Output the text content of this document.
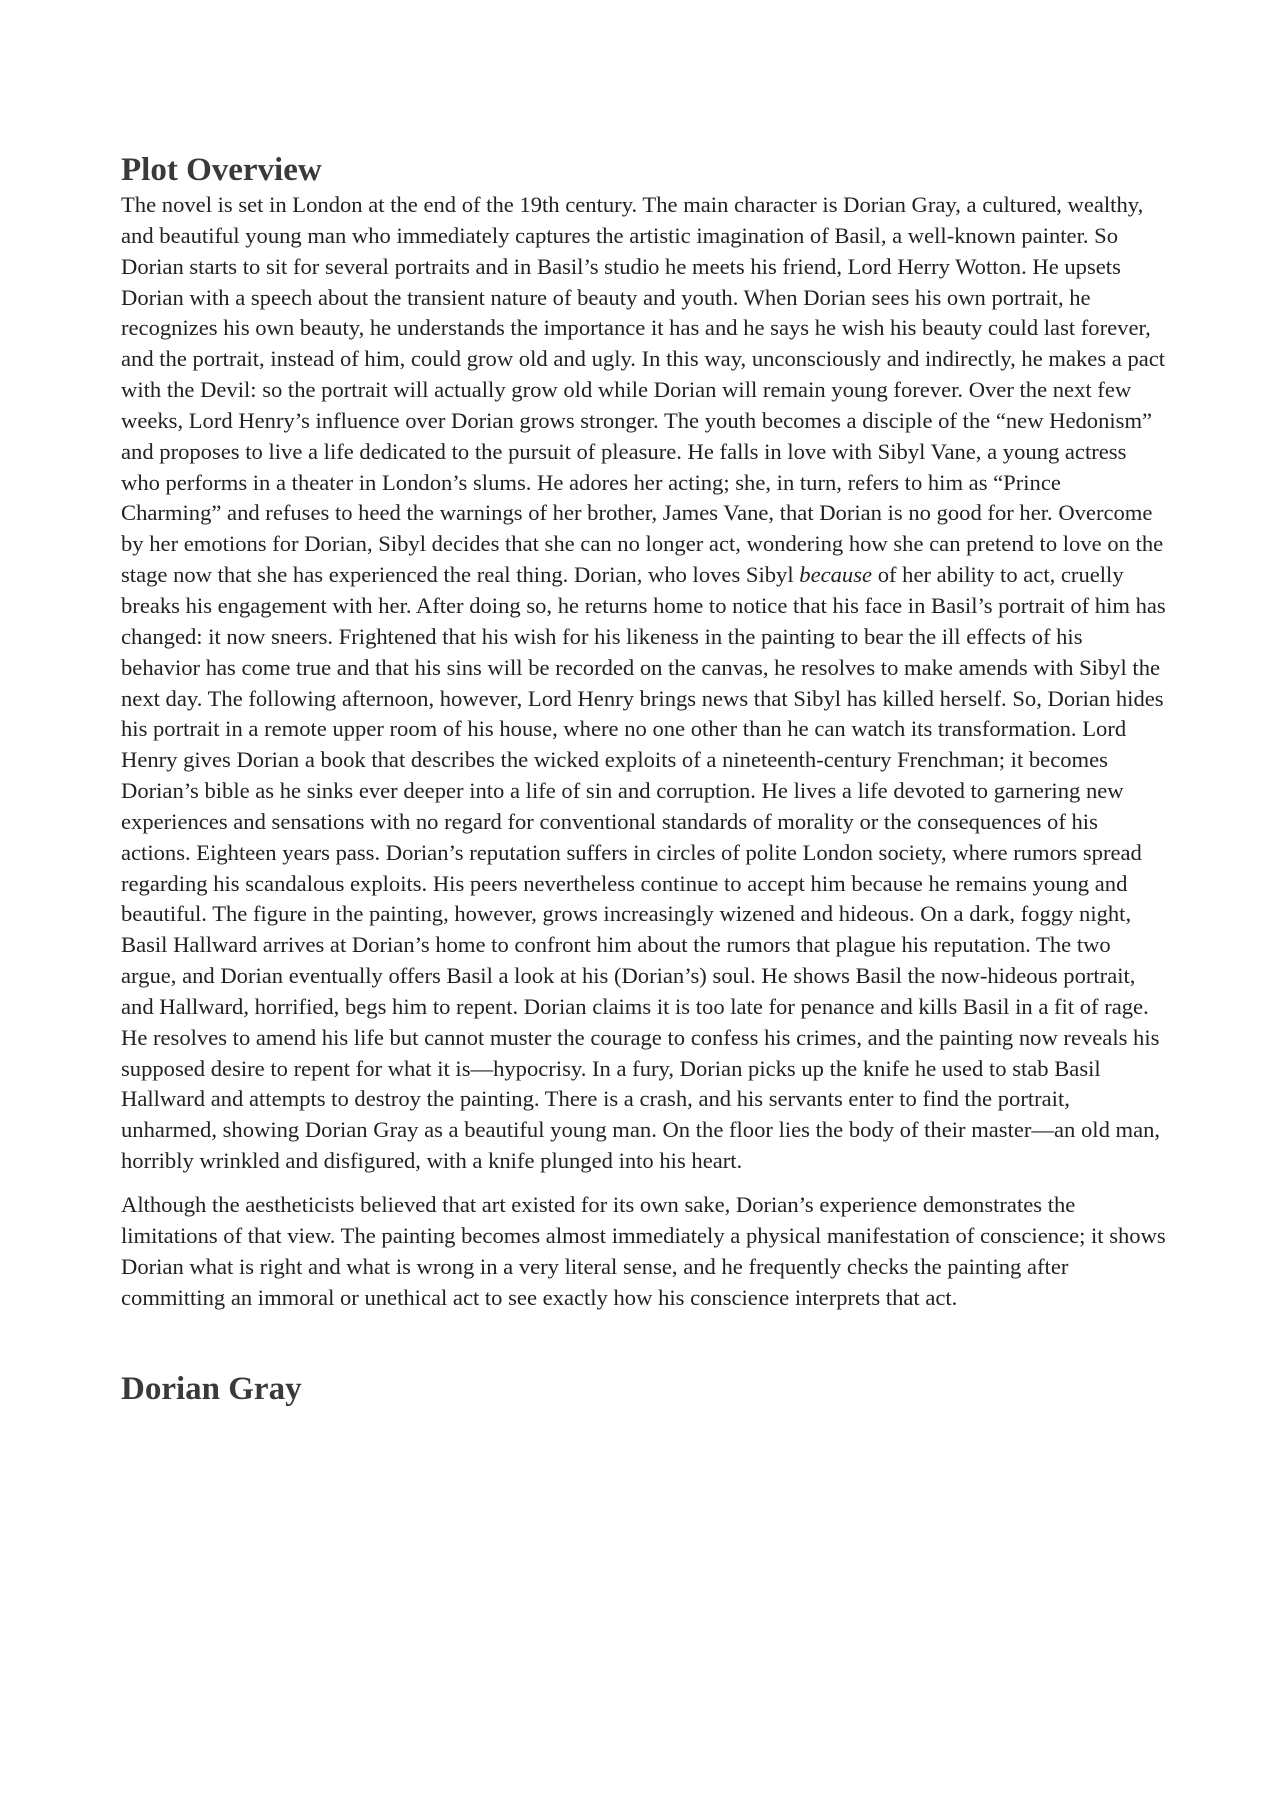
Plot Overview

The novel is set in London at the end of the 19th century. The main character is Dorian Gray, a cultured, wealthy, and beautiful young man who immediately captures the artistic imagination of Basil, a well-known painter. So Dorian starts to sit for several portraits and in Basil’s studio he meets his friend, Lord Herry Wotton. He upsets Dorian with a speech about the transient nature of beauty and youth. When Dorian sees his own portrait, he recognizes his own beauty, he understands the importance it has and he says he wish his beauty could last forever, and the portrait, instead of him, could grow old and ugly. In this way, unconsciously and indirectly, he makes a pact with the Devil: so the portrait will actually grow old while Dorian will remain young forever. Over the next few weeks, Lord Henry’s influence over Dorian grows stronger. The youth becomes a disciple of the “new Hedonism” and proposes to live a life dedicated to the pursuit of pleasure. He falls in love with Sibyl Vane, a young actress who performs in a theater in London’s slums. He adores her acting; she, in turn, refers to him as “Prince Charming” and refuses to heed the warnings of her brother, James Vane, that Dorian is no good for her. Overcome by her emotions for Dorian, Sibyl decides that she can no longer act, wondering how she can pretend to love on the stage now that she has experienced the real thing. Dorian, who loves Sibyl because of her ability to act, cruelly breaks his engagement with her. After doing so, he returns home to notice that his face in Basil’s portrait of him has changed: it now sneers. Frightened that his wish for his likeness in the painting to bear the ill effects of his behavior has come true and that his sins will be recorded on the canvas, he resolves to make amends with Sibyl the next day. The following afternoon, however, Lord Henry brings news that Sibyl has killed herself. So, Dorian hides his portrait in a remote upper room of his house, where no one other than he can watch its transformation. Lord Henry gives Dorian a book that describes the wicked exploits of a nineteenth-century Frenchman; it becomes Dorian’s bible as he sinks ever deeper into a life of sin and corruption. He lives a life devoted to garnering new experiences and sensations with no regard for conventional standards of morality or the consequences of his actions. Eighteen years pass. Dorian’s reputation suffers in circles of polite London society, where rumors spread regarding his scandalous exploits. His peers nevertheless continue to accept him because he remains young and beautiful. The figure in the painting, however, grows increasingly wizened and hideous. On a dark, foggy night, Basil Hallward arrives at Dorian’s home to confront him about the rumors that plague his reputation. The two argue, and Dorian eventually offers Basil a look at his (Dorian’s) soul. He shows Basil the now-hideous portrait, and Hallward, horrified, begs him to repent. Dorian claims it is too late for penance and kills Basil in a fit of rage. He resolves to amend his life but cannot muster the courage to confess his crimes, and the painting now reveals his supposed desire to repent for what it is—hypocrisy. In a fury, Dorian picks up the knife he used to stab Basil Hallward and attempts to destroy the painting. There is a crash, and his servants enter to find the portrait, unharmed, showing Dorian Gray as a beautiful young man. On the floor lies the body of their master—an old man, horribly wrinkled and disfigured, with a knife plunged into his heart.

Although the aestheticists believed that art existed for its own sake, Dorian’s experience demonstrates the limitations of that view. The painting becomes almost immediately a physical manifestation of conscience; it shows Dorian what is right and what is wrong in a very literal sense, and he frequently checks the painting after committing an immoral or unethical act to see exactly how his conscience interprets that act.

Dorian Gray
